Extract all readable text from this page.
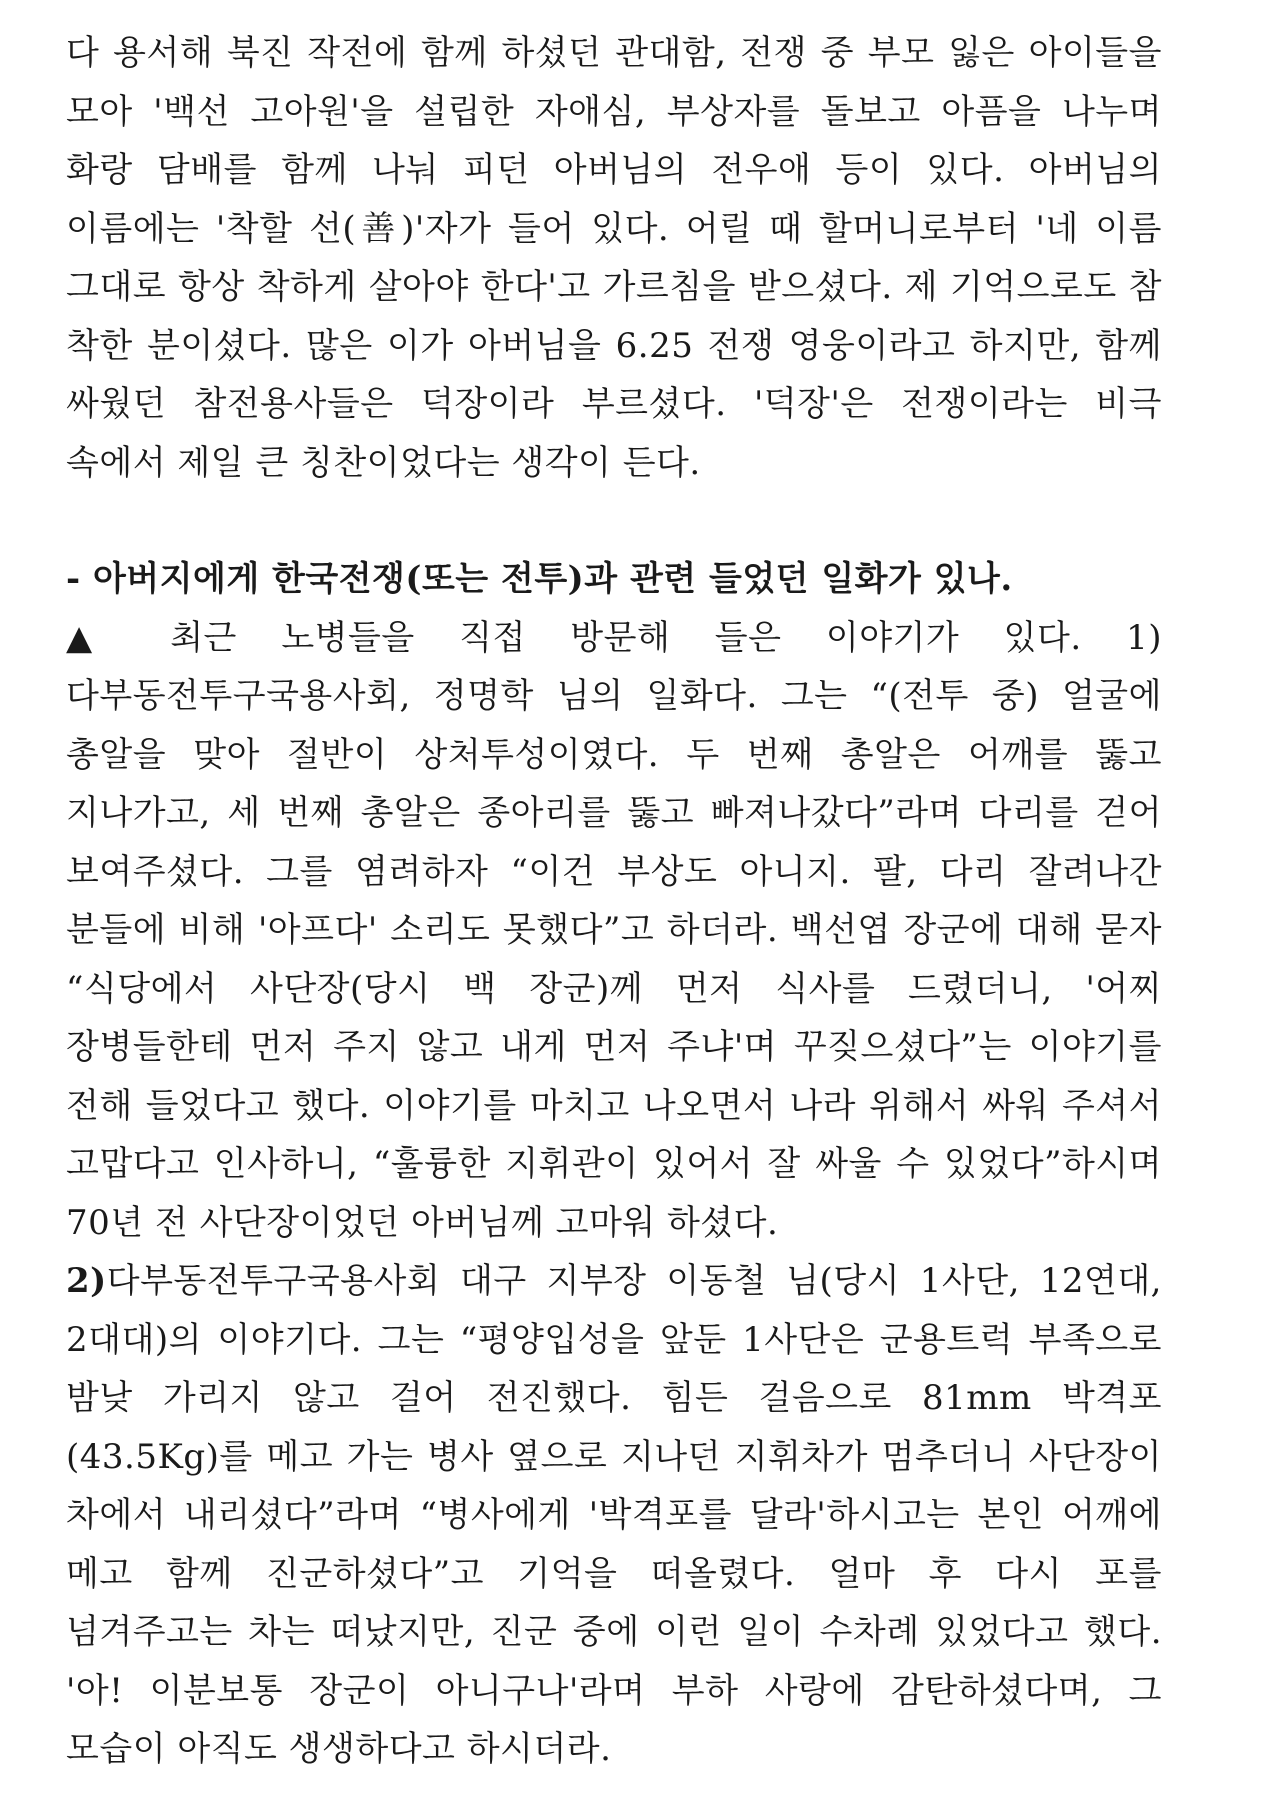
다 용서해 북진 작전에 함께 하셨던 관대함, 전쟁 중 부모 잃은 아이들을 모아 '백선 고아원'을 설립한 자애심, 부상자를 돌보고 아픔을 나누며 화랑 담배를 함께 나눠 피던 아버님의 전우애 등이 있다. 아버님의 이름에는 '착할 선(善)'자가 들어 있다. 어릴 때 할머니로부터 '네 이름 그대로 항상 착하게 살아야 한다'고 가르침을 받으셨다. 제 기억으로도 참 착한 분이셨다. 많은 이가 아버님을 6.25 전쟁 영웅이라고 하지만, 함께 싸웠던 참전용사들은 덕장이라 부르셨다. '덕장'은 전쟁이라는 비극 속에서 제일 큰 칭찬이었다는 생각이 든다.

- 아버지에게 한국전쟁(또는 전투)과 관련 들었던 일화가 있나.

▲ 최근 노병들을 직접 방문해 들은 이야기가 있다. 1) 다부동전투구국용사회, 정명학 님의 일화다. 그는 “(전투 중) 얼굴에 총알을 맞아 절반이 상처투성이였다. 두 번째 총알은 어깨를 뚫고 지나가고, 세 번째 총알은 종아리를 뚫고 빠져나갔다”라며 다리를 걷어 보여주셨다. 그를 염려하자 “이건 부상도 아니지. 팔, 다리 잘려나간 분들에 비해 '아프다' 소리도 못했다”고 하더라. 백선엽 장군에 대해 묻자 “식당에서 사단장(당시 백 장군)께 먼저 식사를 드렸더니, '어찌 장병들한테 먼저 주지 않고 내게 먼저 주냐'며 꾸짖으셨다”는 이야기를 전해 들었다고 했다. 이야기를 마치고 나오면서 나라 위해서 싸워 주셔서 고맙다고 인사하니, “훌륭한 지휘관이 있어서 잘 싸울 수 있었다”하시며 70년 전 사단장이었던 아버님께 고마워 하셨다.

2)다부동전투구국용사회 대구 지부장 이동철 님(당시 1사단, 12연대, 2대대)의 이야기다. 그는 “평양입성을 앞둔 1사단은 군용트럭 부족으로 밤낮 가리지 않고 걸어 전진했다. 힘든 걸음으로 81mm 박격포(43.5Kg)를 메고 가는 병사 옆으로 지나던 지휘차가 멈추더니 사단장이 차에서 내리셨다”라며 “병사에게 '박격포를 달라'하시고는 본인 어깨에 메고 함께 진군하셨다”고 기억을 떠올렸다. 얼마 후 다시 포를 넘겨주고는 차는 떠났지만, 진군 중에 이런 일이 수차례 있었다고 했다. '아! 이분보통 장군이 아니구나'라며 부하 사랑에 감탄하셨다며, 그 모습이 아직도 생생하다고 하시더라.
